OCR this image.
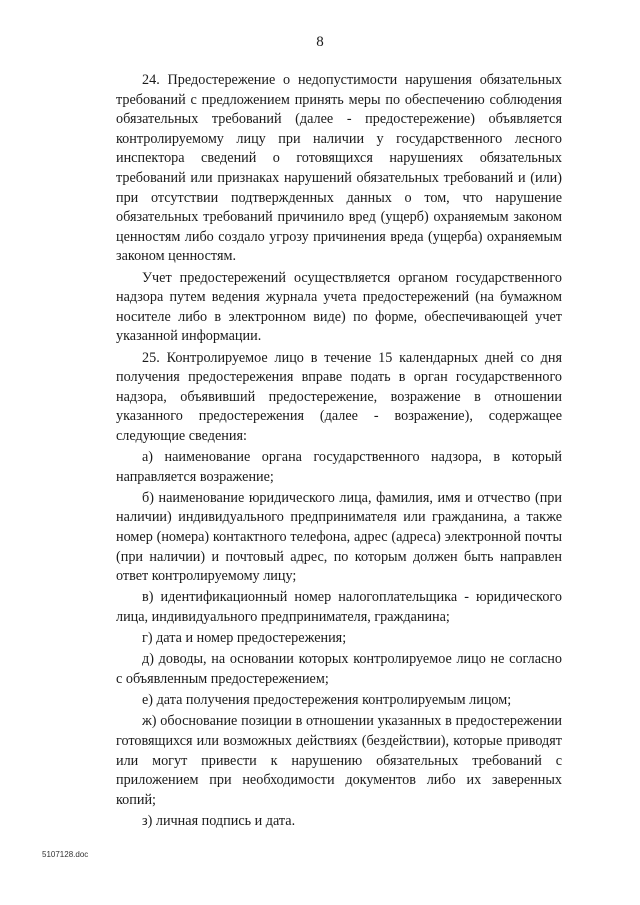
8

24. Предостережение о недопустимости нарушения обязательных требований с предложением принять меры по обеспечению соблюдения обязательных требований (далее - предостережение) объявляется контролируемому лицу при наличии у государственного лесного инспектора сведений о готовящихся нарушениях обязательных требований или признаках нарушений обязательных требований и (или) при отсутствии подтвержденных данных о том, что нарушение обязательных требований причинило вред (ущерб) охраняемым законом ценностям либо создало угрозу причинения вреда (ущерба) охраняемым законом ценностям.

Учет предостережений осуществляется органом государственного надзора путем ведения журнала учета предостережений (на бумажном носителе либо в электронном виде) по форме, обеспечивающей учет указанной информации.

25. Контролируемое лицо в течение 15 календарных дней со дня получения предостережения вправе подать в орган государственного надзора, объявивший предостережение, возражение в отношении указанного предостережения (далее - возражение), содержащее следующие сведения:

а) наименование органа государственного надзора, в который направляется возражение;

б) наименование юридического лица, фамилия, имя и отчество (при наличии) индивидуального предпринимателя или гражданина, а также номер (номера) контактного телефона, адрес (адреса) электронной почты (при наличии) и почтовый адрес, по которым должен быть направлен ответ контролируемому лицу;

в) идентификационный номер налогоплательщика - юридического лица, индивидуального предпринимателя, гражданина;

г) дата и номер предостережения;

д) доводы, на основании которых контролируемое лицо не согласно с объявленным предостережением;

е) дата получения предостережения контролируемым лицом;

ж) обоснование позиции в отношении указанных в предостережении готовящихся или возможных действиях (бездействии), которые приводят или могут привести к нарушению обязательных требований с приложением при необходимости документов либо их заверенных копий;

з) личная подпись и дата.

5107128.doc
